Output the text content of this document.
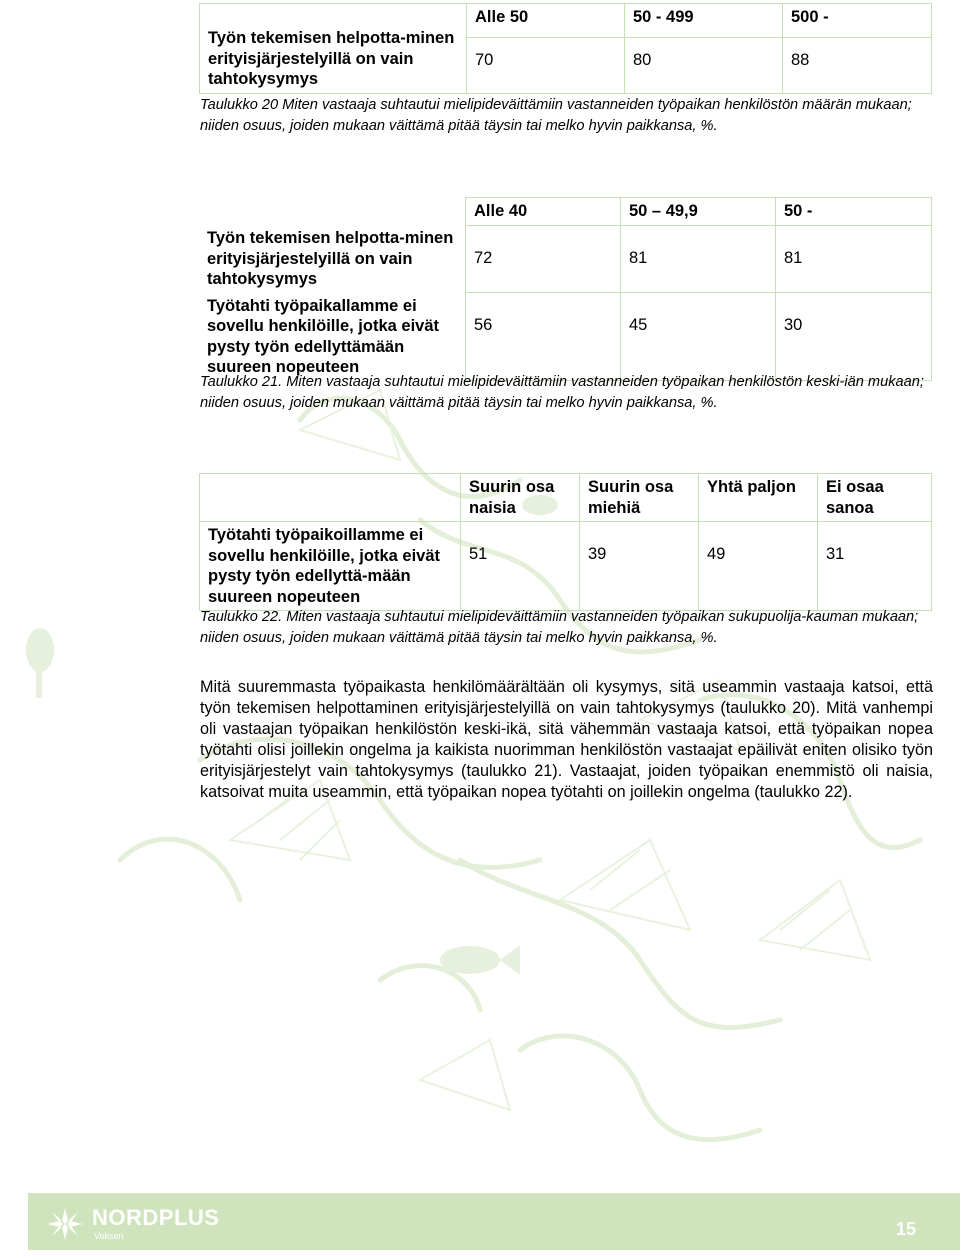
Työn tekemisen helpotta-minen erityisjärjestelyillä on vain tahtokysymys	Alle 50	50 - 499	500 -
	70	80	88
Taulukko 20 Miten vastaaja suhtautui mielipideväittämiin vastanneiden työpaikan henkilöstön määrän mukaan; niiden osuus, joiden mukaan väittämä pitää täysin tai melko hyvin paikkansa, %.
	Alle 40	50 – 49,9	50 -
Työn tekemisen helpotta-minen erityisjärjestelyillä on vain tahtokysymys	72	81	81
Työtahti työpaikallamme ei sovellu henkilöille, jotka eivät pysty työn edellyttämään suureen nopeuteen	56	45	30
Taulukko 21. Miten vastaaja suhtautui mielipideväittämiin vastanneiden työpaikan henkilöstön keski-iän mukaan; niiden osuus, joiden mukaan väittämä pitää täysin tai melko hyvin paikkansa, %.
	Suurin osa naisia	Suurin osa miehiä	Yhtä paljon	Ei osaa sanoa
Työtahti työpaikoillamme ei sovellu henkilöille, jotka eivät pysty työn edellyttä-mään suureen nopeuteen	51	39	49	31
Taulukko 22. Miten vastaaja suhtautui mielipideväittämiin vastanneiden työpaikan sukupuolija-kauman mukaan; niiden osuus, joiden mukaan väittämä pitää täysin tai melko hyvin paikkansa, %.
Mitä suuremmasta työpaikasta henkilömäärältään oli kysymys, sitä useammin vastaaja katsoi, että työn tekemisen helpottaminen erityisjärjestelyillä on vain tahtokysymys (taulukko 20). Mitä vanhempi oli vastaajan työpaikan henkilöstön keski-ikä, sitä vähemmän vastaaja katsoi, että työpaikan nopea työtahti olisi joillekin ongelma ja kaikista nuorimman henkilöstön vastaajat epäilivät eniten olisiko työn erityisjärjestelyt vain tahtokysymys (taulukko 21). Vastaajat, joiden työpaikan enemmistö oli naisia, katsoivat muita useammin, että työpaikan nopea työtahti on joillekin ongelma (taulukko 22).
NORDPLUS
Voksen	15
